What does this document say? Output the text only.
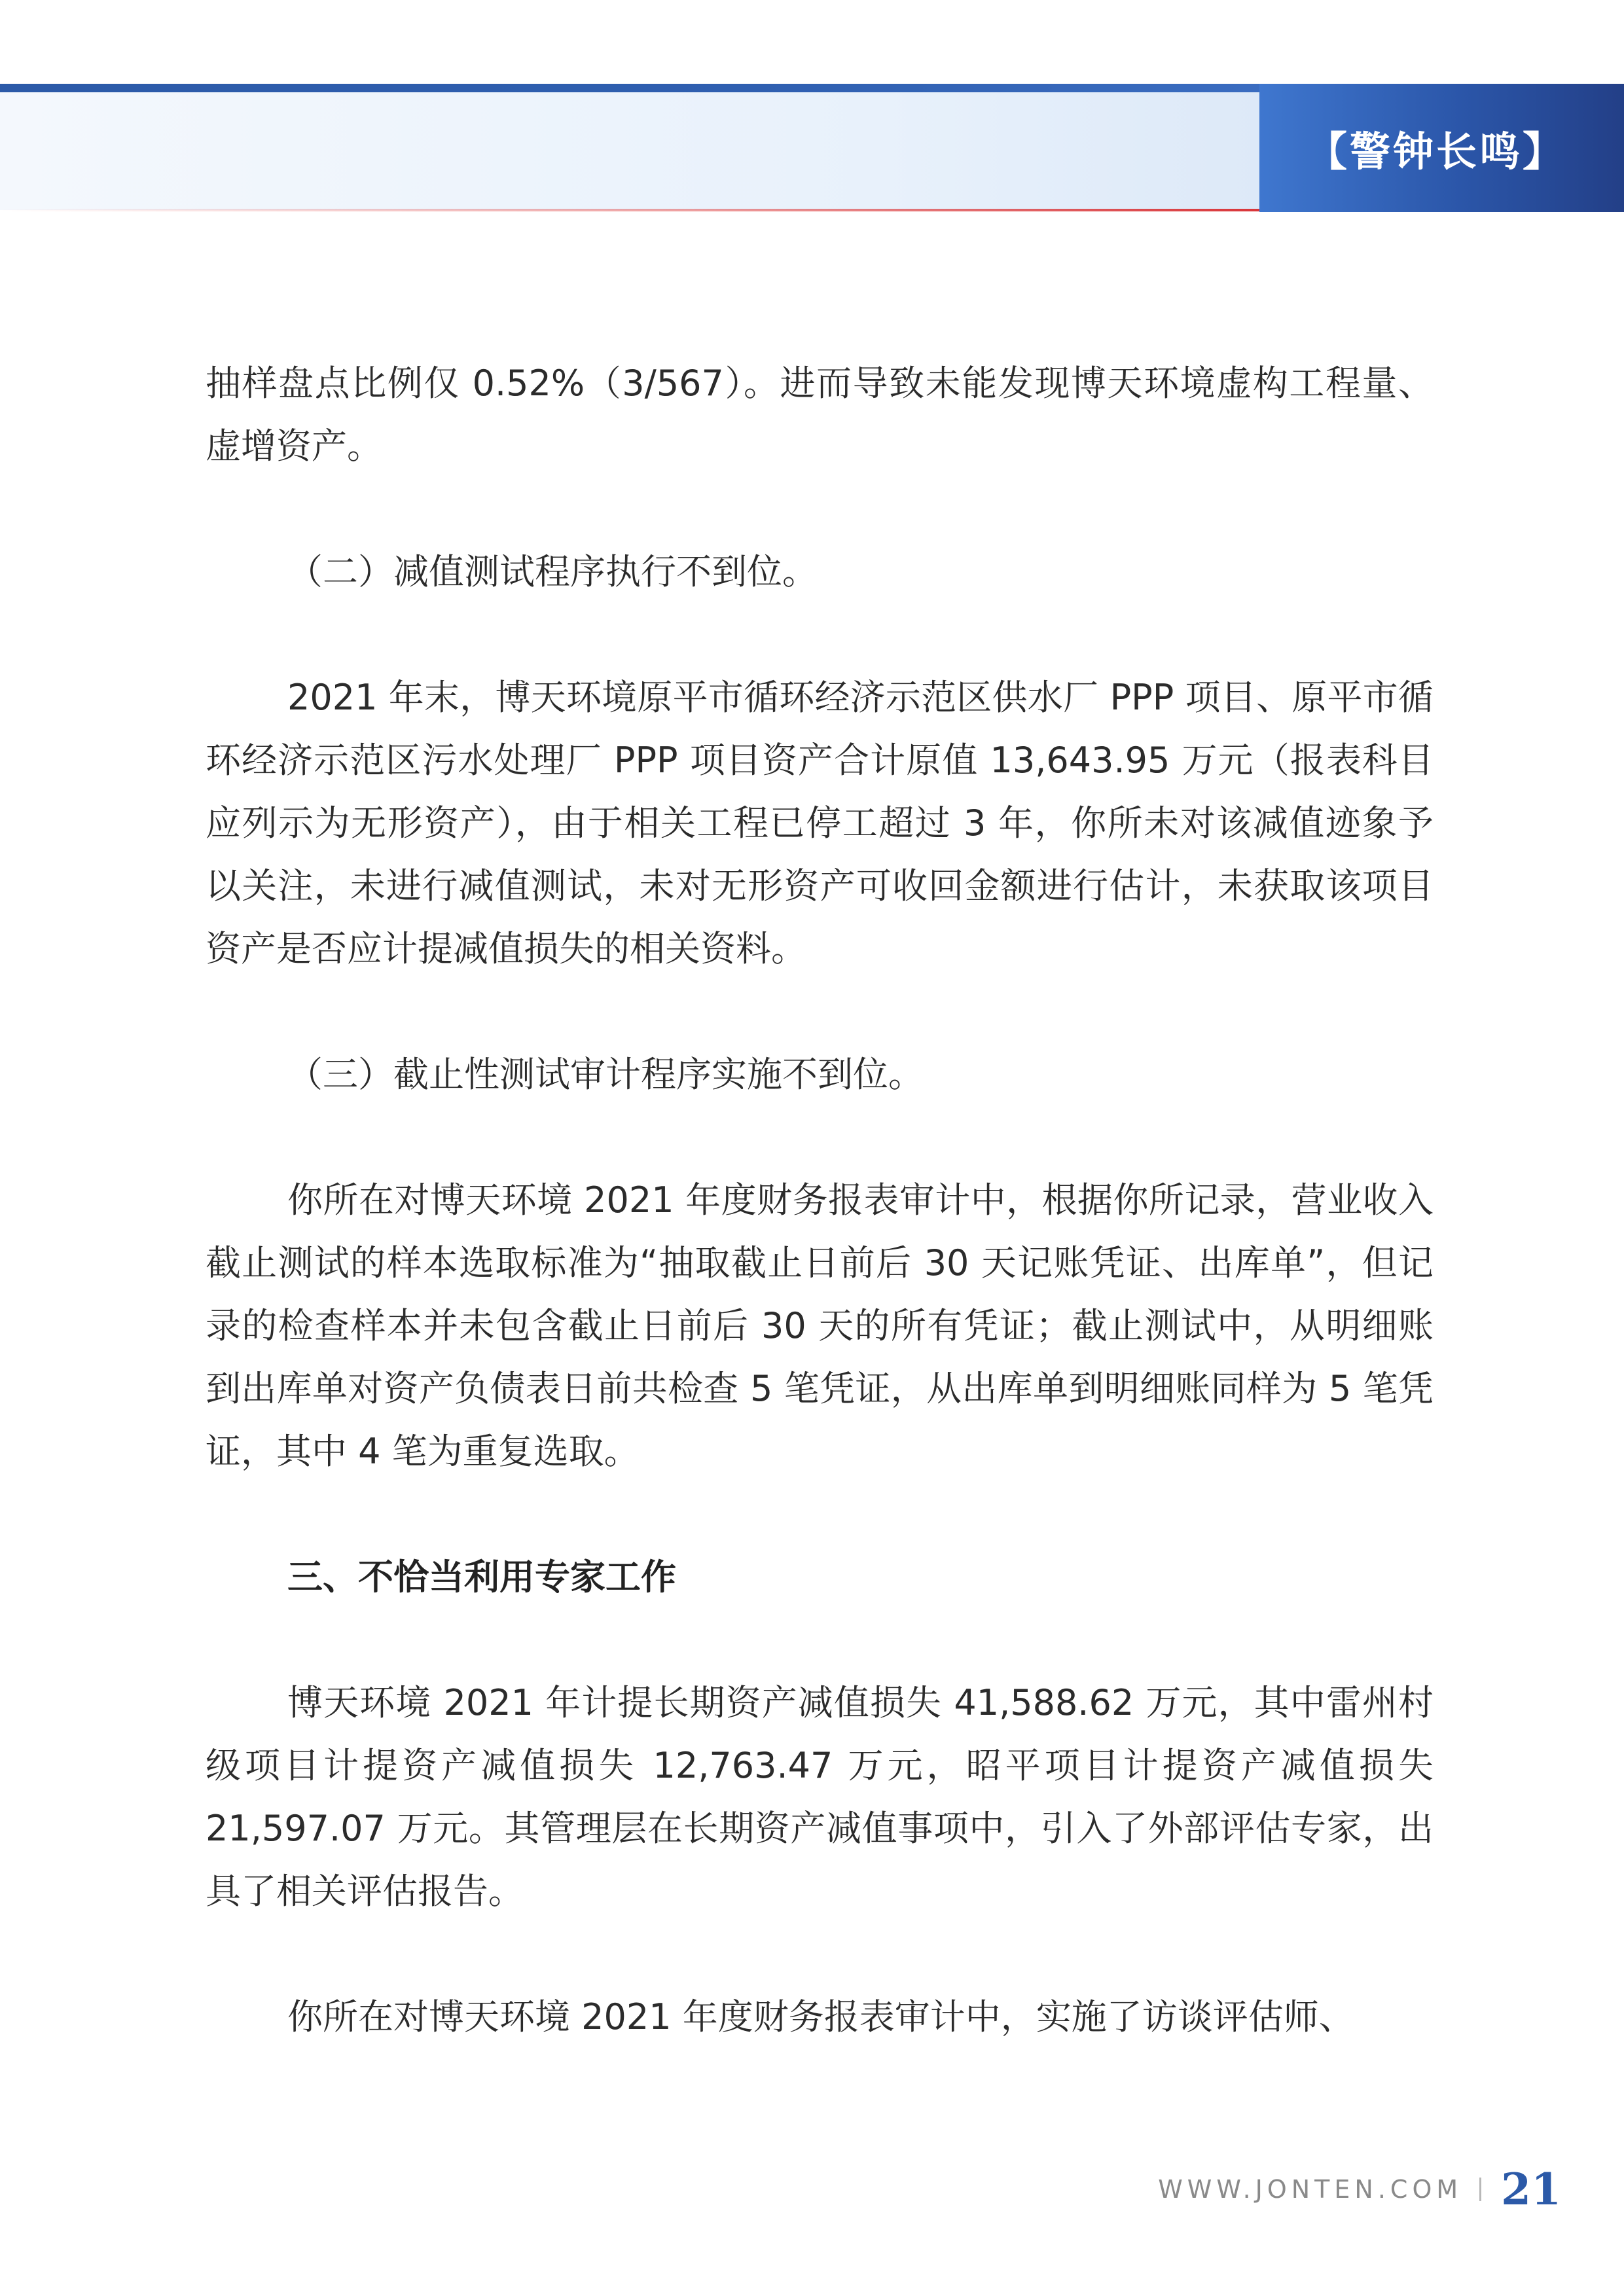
【警钟长鸣】

抽样盘点比例仅 0.52%（3/567）。进而导致未能发现博天环境虚构工程量、虚增资产。

（二）减值测试程序执行不到位。

2021 年末，博天环境原平市循环经济示范区供水厂 PPP 项目、原平市循环经济示范区污水处理厂 PPP 项目资产合计原值 13,643.95 万元（报表科目应列示为无形资产），由于相关工程已停工超过 3 年，你所未对该减值迹象予以关注，未进行减值测试，未对无形资产可收回金额进行估计，未获取该项目资产是否应计提减值损失的相关资料。

（三）截止性测试审计程序实施不到位。

你所在对博天环境 2021 年度财务报表审计中，根据你所记录，营业收入截止测试的样本选取标准为“抽取截止日前后 30 天记账凭证、出库单”，但记录的检查样本并未包含截止日前后 30 天的所有凭证；截止测试中，从明细账到出库单对资产负债表日前共检查 5 笔凭证，从出库单到明细账同样为 5 笔凭证，其中 4 笔为重复选取。

三、不恰当利用专家工作

博天环境 2021 年计提长期资产减值损失 41,588.62 万元，其中雷州村级项目计提资产减值损失 12,763.47 万元，昭平项目计提资产减值损失 21,597.07 万元。其管理层在长期资产减值事项中，引入了外部评估专家，出具了相关评估报告。

你所在对博天环境 2021 年度财务报表审计中，实施了访谈评估师、

WWW.JONTEN.COM 21
